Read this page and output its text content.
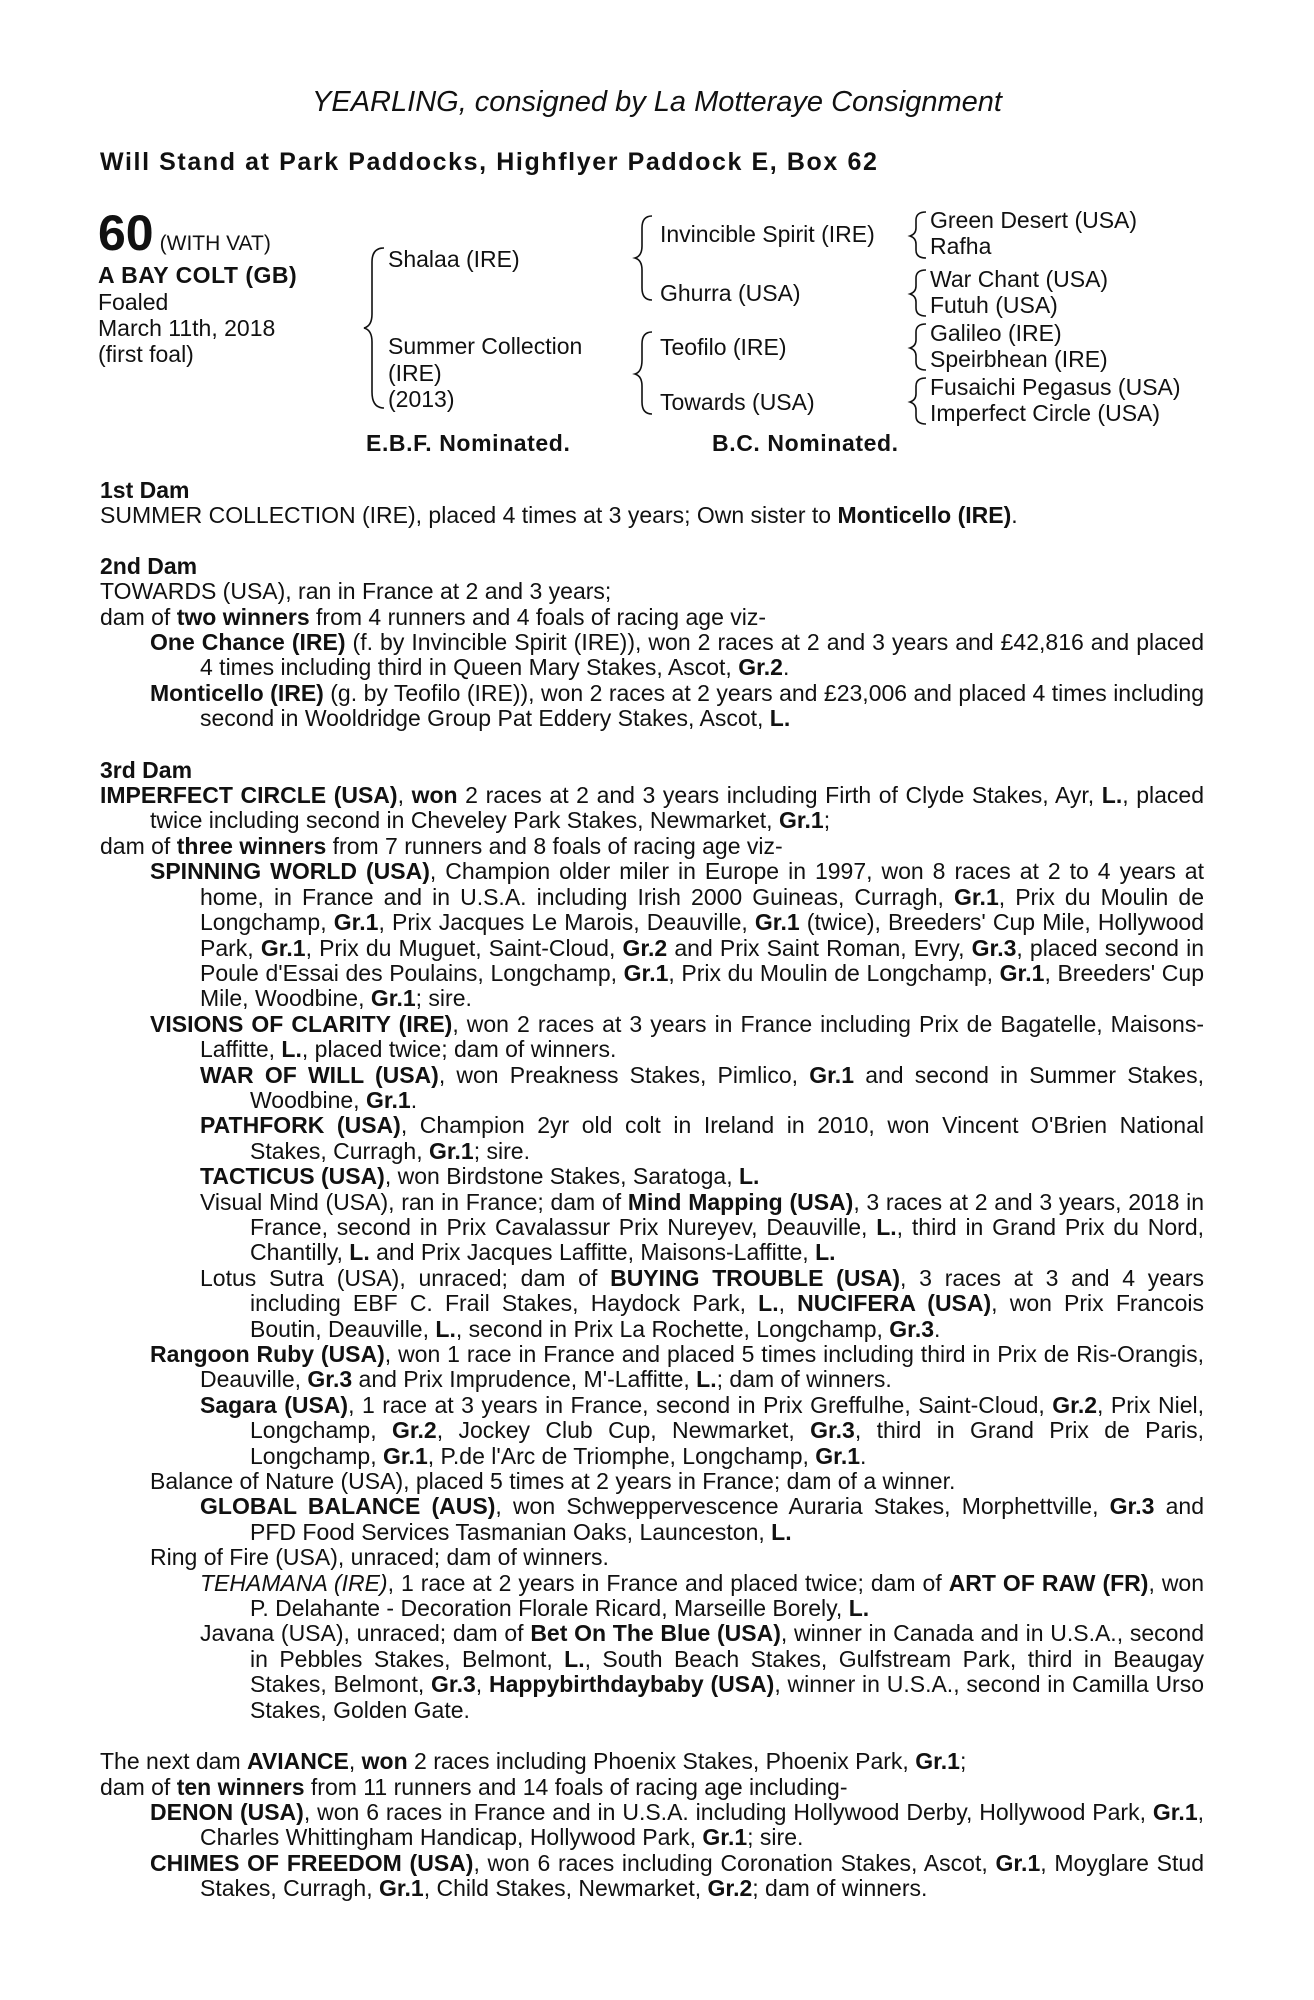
YEARLING, consigned by La Motteraye Consignment
Will Stand at Park Paddocks, Highflyer Paddock E, Box 62
60 (WITH VAT)
A BAY COLT (GB)
Foaled
March 11th, 2018
(first foal)
Shalaa (IRE)
Summer Collection
(IRE)
(2013)
Invincible Spirit (IRE)
Ghurra (USA)
Teofilo (IRE)
Towards (USA)
Green Desert (USA)
Rafha
War Chant (USA)
Futuh (USA)
Galileo (IRE)
Speirbhean (IRE)
Fusaichi Pegasus (USA)
Imperfect Circle (USA)
E.B.F. Nominated.	B.C. Nominated.

1st Dam

SUMMER COLLECTION (IRE), placed 4 times at 3 years; Own sister to Monticello (IRE).

2nd Dam

TOWARDS (USA), ran in France at 2 and 3 years;

dam of two winners from 4 runners and 4 foals of racing age viz-

One Chance (IRE) (f. by Invincible Spirit (IRE)), won 2 races at 2 and 3 years and £42,816 and placed 4 times including third in Queen Mary Stakes, Ascot, Gr.2.

Monticello (IRE) (g. by Teofilo (IRE)), won 2 races at 2 years and £23,006 and placed 4 times including second in Wooldridge Group Pat Eddery Stakes, Ascot, L.

3rd Dam

IMPERFECT CIRCLE (USA), won 2 races at 2 and 3 years including Firth of Clyde Stakes, Ayr, L., placed twice including second in Cheveley Park Stakes, Newmarket, Gr.1;

dam of three winners from 7 runners and 8 foals of racing age viz-

SPINNING WORLD (USA), Champion older miler in Europe in 1997, won 8 races at 2 to 4 years at home, in France and in U.S.A. including Irish 2000 Guineas, Curragh, Gr.1, Prix du Moulin de Longchamp, Gr.1, Prix Jacques Le Marois, Deauville, Gr.1 (twice), Breeders' Cup Mile, Hollywood Park, Gr.1, Prix du Muguet, Saint-Cloud, Gr.2 and Prix Saint Roman, Evry, Gr.3, placed second in Poule d'Essai des Poulains, Longchamp, Gr.1, Prix du Moulin de Longchamp, Gr.1, Breeders' Cup Mile, Woodbine, Gr.1; sire.

VISIONS OF CLARITY (IRE), won 2 races at 3 years in France including Prix de Bagatelle, Maisons-Laffitte, L., placed twice; dam of winners.

WAR OF WILL (USA), won Preakness Stakes, Pimlico, Gr.1 and second in Summer Stakes, Woodbine, Gr.1.

PATHFORK (USA), Champion 2yr old colt in Ireland in 2010, won Vincent O'Brien National Stakes, Curragh, Gr.1; sire.

TACTICUS (USA), won Birdstone Stakes, Saratoga, L.

Visual Mind (USA), ran in France; dam of Mind Mapping (USA), 3 races at 2 and 3 years, 2018 in France, second in Prix Cavalassur Prix Nureyev, Deauville, L., third in Grand Prix du Nord, Chantilly, L. and Prix Jacques Laffitte, Maisons-Laffitte, L.

Lotus Sutra (USA), unraced; dam of BUYING TROUBLE (USA), 3 races at 3 and 4 years including EBF C. Frail Stakes, Haydock Park, L., NUCIFERA (USA), won Prix Francois Boutin, Deauville, L., second in Prix La Rochette, Longchamp, Gr.3.

Rangoon Ruby (USA), won 1 race in France and placed 5 times including third in Prix de Ris-Orangis, Deauville, Gr.3 and Prix Imprudence, M'-Laffitte, L.; dam of winners.

Sagara (USA), 1 race at 3 years in France, second in Prix Greffulhe, Saint-Cloud, Gr.2, Prix Niel, Longchamp, Gr.2, Jockey Club Cup, Newmarket, Gr.3, third in Grand Prix de Paris, Longchamp, Gr.1, P.de l'Arc de Triomphe, Longchamp, Gr.1.

Balance of Nature (USA), placed 5 times at 2 years in France; dam of a winner.

GLOBAL BALANCE (AUS), won Schweppervescence Auraria Stakes, Morphettville, Gr.3 and PFD Food Services Tasmanian Oaks, Launceston, L.

Ring of Fire (USA), unraced; dam of winners.

TEHAMANA (IRE), 1 race at 2 years in France and placed twice; dam of ART OF RAW (FR), won P. Delahante - Decoration Florale Ricard, Marseille Borely, L.

Javana (USA), unraced; dam of Bet On The Blue (USA), winner in Canada and in U.S.A., second in Pebbles Stakes, Belmont, L., South Beach Stakes, Gulfstream Park, third in Beaugay Stakes, Belmont, Gr.3, Happybirthdaybaby (USA), winner in U.S.A., second in Camilla Urso Stakes, Golden Gate.

The next dam AVIANCE, won 2 races including Phoenix Stakes, Phoenix Park, Gr.1;

dam of ten winners from 11 runners and 14 foals of racing age including-

DENON (USA), won 6 races in France and in U.S.A. including Hollywood Derby, Hollywood Park, Gr.1, Charles Whittingham Handicap, Hollywood Park, Gr.1; sire.

CHIMES OF FREEDOM (USA), won 6 races including Coronation Stakes, Ascot, Gr.1, Moyglare Stud Stakes, Curragh, Gr.1, Child Stakes, Newmarket, Gr.2; dam of winners.
